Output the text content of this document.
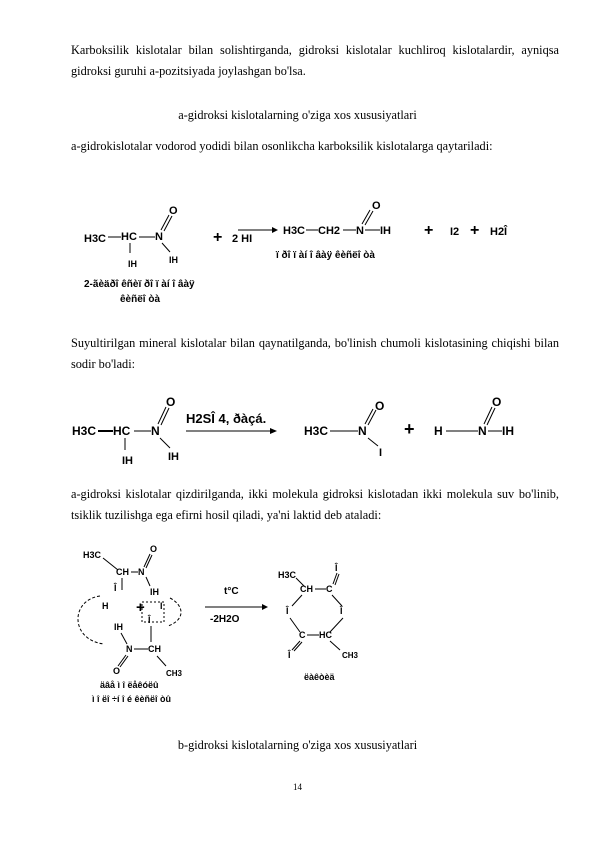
Karboksilik kislotalar bilan solishtirganda, gidroksi kislotalar kuchliroq kislotalardir, ayniqsa gidroksi guruhi a-pozitsiyada joylashgan bo'lsa.
a-gidroksi kislotalarning o'ziga xos xususiyatlari
a-gidrokislotalar vodorod yodidi bilan osonlikcha karboksilik kislotalarga qaytariladi:
H3C HC N
O
IH
IH
+ 2 HI
H3C CH2 N
O
IH + I2 + H2Î
2-ãèäðî êñèï ðî ï àí î âàÿ
êèñëî òà
ï ðî ï àí î âàÿ êèñëî òà
Suyultirilgan mineral kislotalar bilan qaynatilganda, bo'linish chumoli kislotasining chiqishi bilan sodir bo'ladi:
H3C HC N
O
IH
IH
H2SÎ 4, ðàçá.
H3C N
O
I
+ H	N
O
IH
a-gidroksi kislotalar qizdirilganda, ikki molekula gidroksi kislotadan ikki molekula suv bo'linib, tsiklik tuzilishga ega efirni hosil qiladi, ya'ni laktid deb ataladi:
H3C
CH N
O
IH
Î
H + I
Î
IH
N CH
O	CH3
t°C
-2H2O
H3C
CH C
Î
Î	Î
C HC
Î	CH3
äâå ì î ëåêóëû
ì î ëî ÷í î é êèñëî òû
ëàêòèä
b-gidroksi kislotalarning o'ziga xos xususiyatlari
14
